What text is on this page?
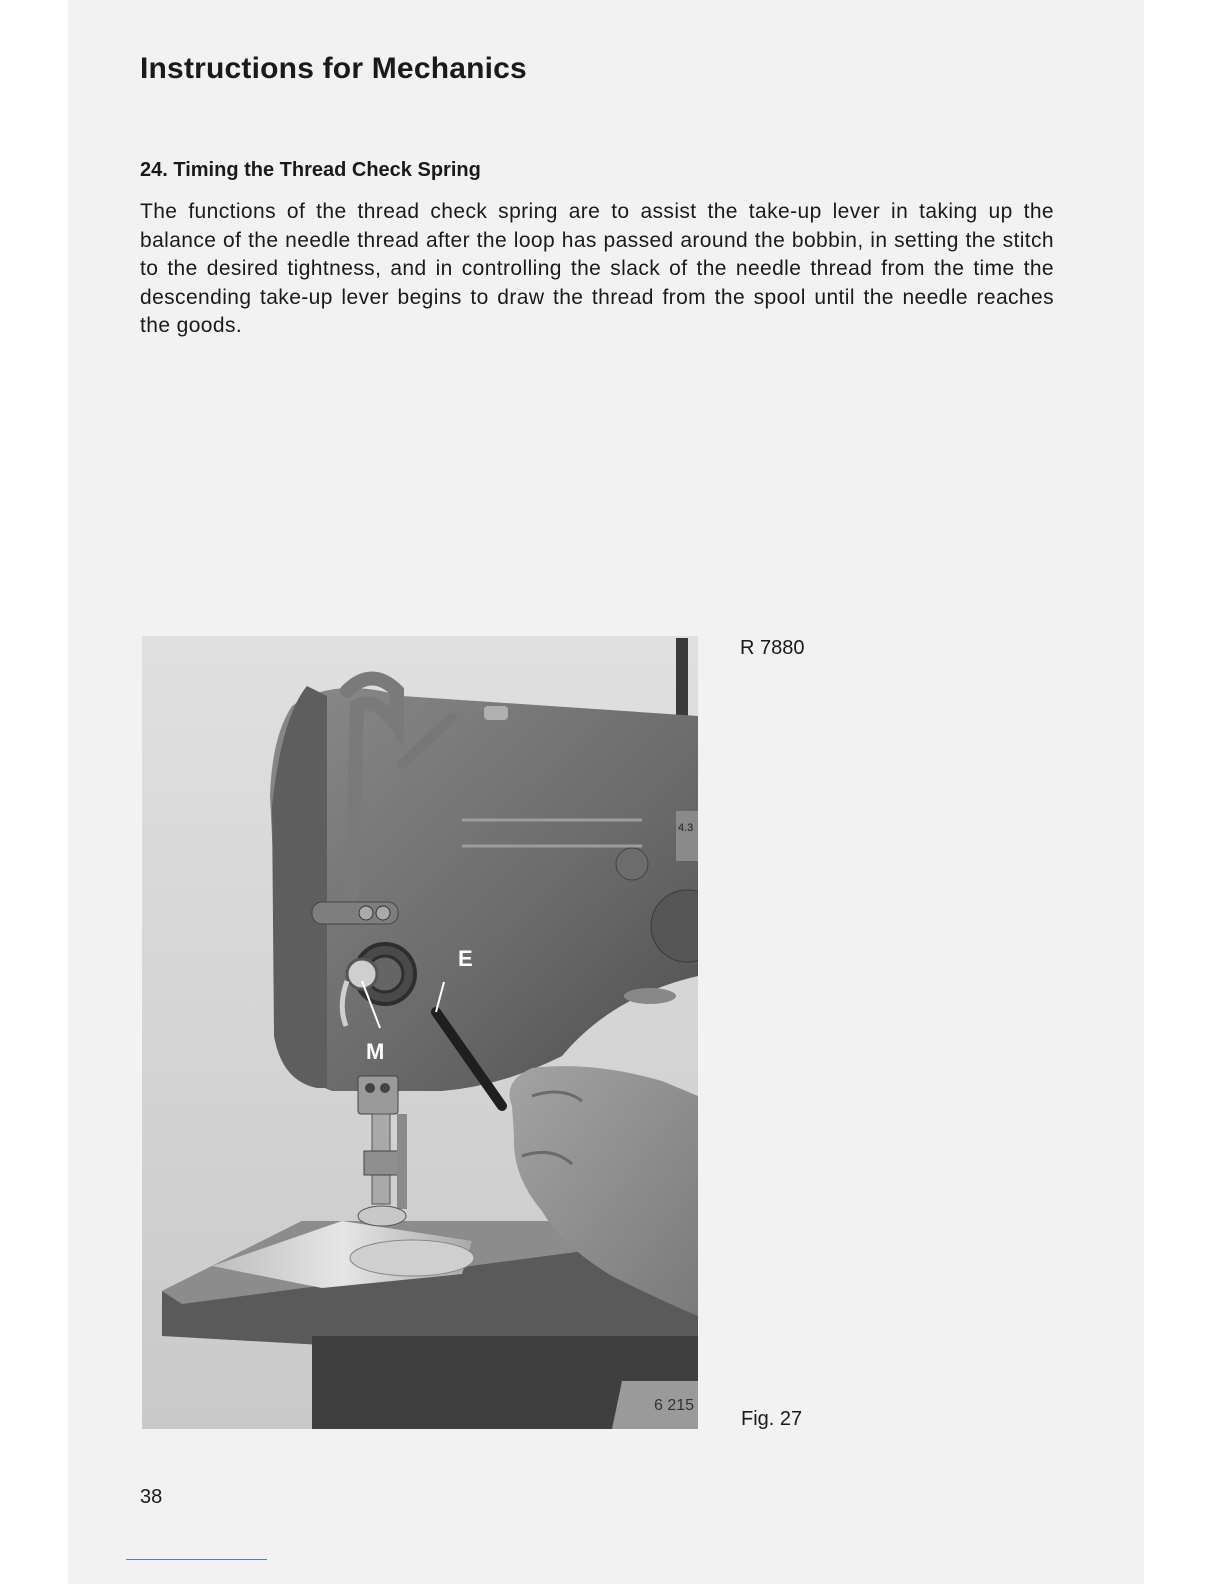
Instructions for Mechanics
24. Timing the Thread Check Spring

The functions of the thread check spring are to assist the take-up lever in taking up the balance of the needle thread after the loop has passed around the bobbin, in setting the stitch to the desired tightness, and in controlling the slack of the needle thread from the time the descending take-up lever begins to draw the thread from the spool until the needle reaches the goods.

6 215
4.3
M
E

R 7880

Fig. 27

38
